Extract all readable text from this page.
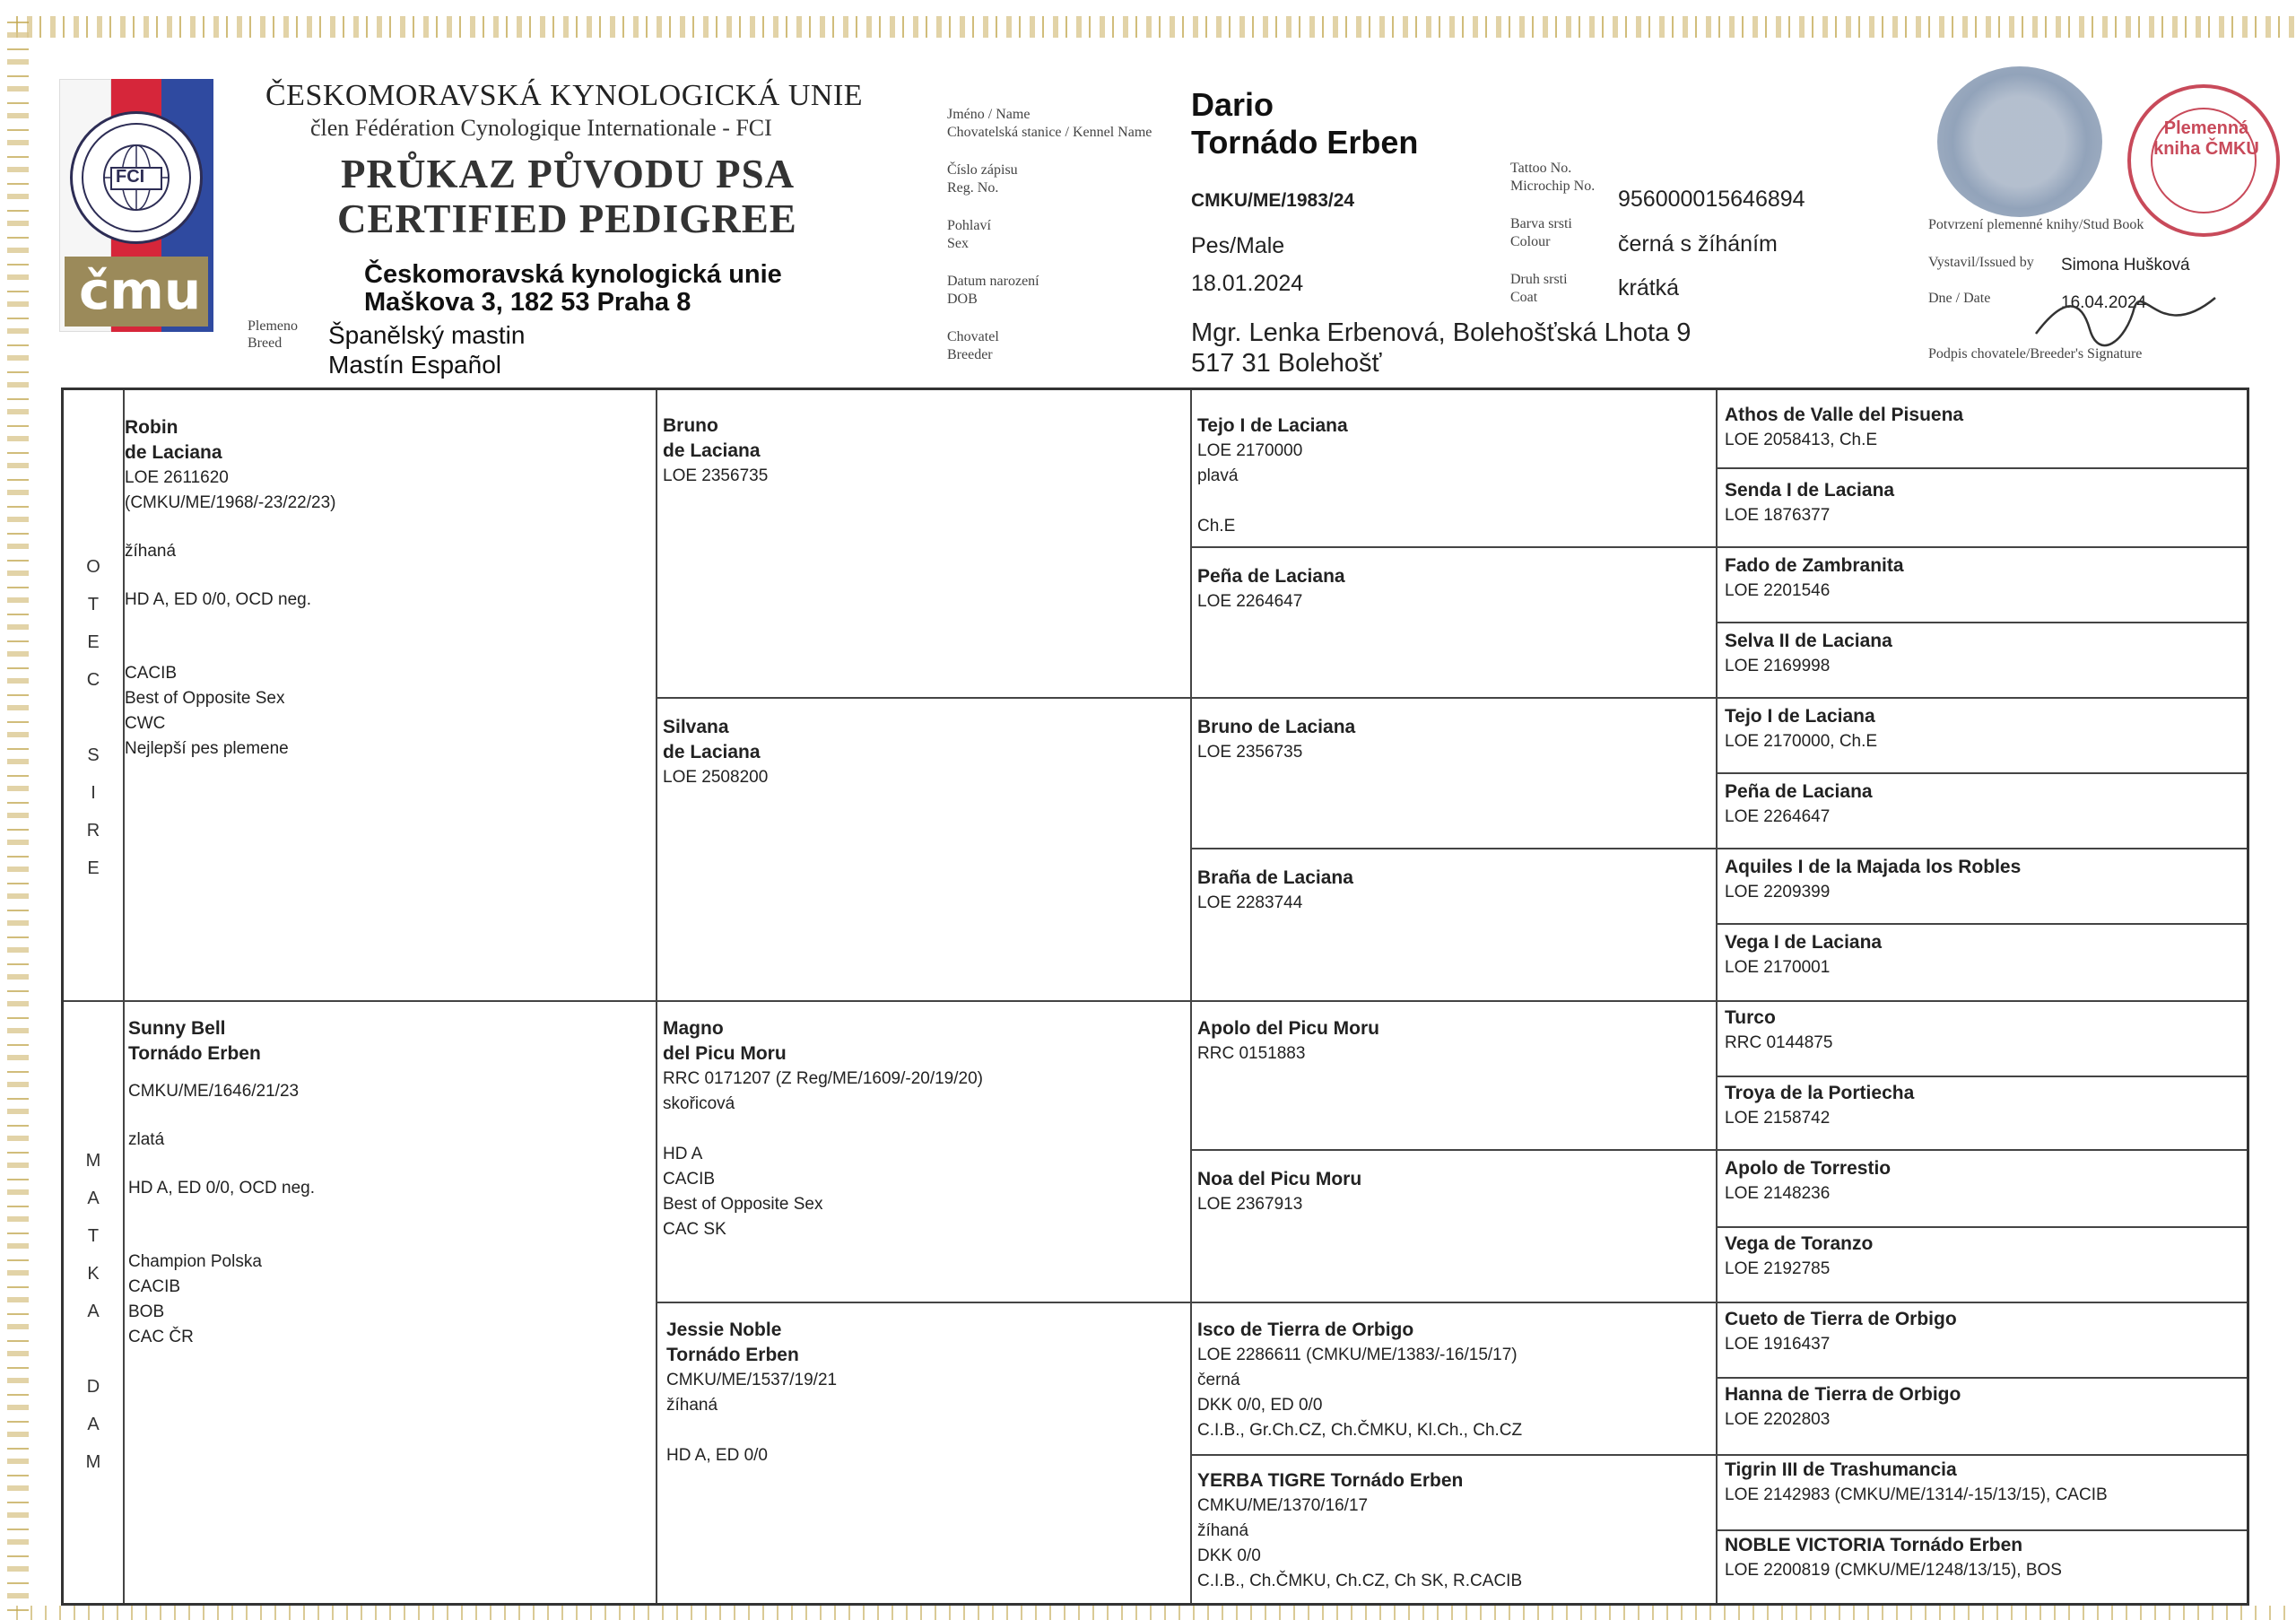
FCI
čmu
ČESKOMORAVSKÁ KYNOLOGICKÁ UNIE
člen Fédération Cynologique Internationale - FCI
PRŮKAZ PŮVODU PSA
CERTIFIED PEDIGREE
Českomoravská kynologická unie
Maškova 3, 182 53 Praha 8
Plemeno
Breed	Španělský mastin
Mastín Español
Jméno / Name
Chovatelská stanice / Kennel Name
Číslo zápisu
Reg. No.
Pohlaví
Sex
Datum narození
DOB
Chovatel
Breeder
Dario
Tornádo Erben
CMKU/ME/1983/24
Pes/Male
18.01.2024
Mgr. Lenka Erbenová, Bolehošťská Lhota 9
517 31 Bolehošť
Tattoo No.
Microchip No.
Barva srsti
Colour
Druh srsti
Coat
956000015646894
černá s žíháním
krátká
Plemenná kniha ČMKU
Potvrzení plemenné knihy/Stud Book
Vystavil/Issued by Simona Hušková
Dne / Date	16.04.2024
Podpis chovatele/Breeder's Signature
O
T
E
C
S
I
R
E
M
A
T
K
A
D
A
M
Robin
de Laciana
LOE 2611620
(CMKU/ME/1968/-23/22/23)
žíhaná
HD A, ED 0/0, OCD neg.
CACIB
Best of Opposite Sex
CWC
Nejlepší pes plemene
Sunny Bell
Tornádo Erben
CMKU/ME/1646/21/23
zlatá
HD A, ED 0/0, OCD neg.
Champion Polska
CACIB
BOB
CAC ČR
Bruno
de Laciana
LOE 2356735
Silvana
de Laciana
LOE 2508200
Magno
del Picu Moru
RRC 0171207 (Z Reg/ME/1609/-20/19/20)
skořicová
HD A
CACIB
Best of Opposite Sex
CAC SK
Jessie Noble
Tornádo Erben
CMKU/ME/1537/19/21
žíhaná
HD A, ED 0/0
Tejo I de Laciana
LOE 2170000
plavá
Ch.E
Peña de Laciana
LOE 2264647
Bruno de Laciana
LOE 2356735
Braña de Laciana
LOE 2283744
Apolo del Picu Moru
RRC 0151883
Noa del Picu Moru
LOE 2367913
Isco de Tierra de Orbigo
LOE 2286611 (CMKU/ME/1383/-16/15/17)
černá
DKK 0/0, ED 0/0
C.I.B., Gr.Ch.CZ, Ch.ČMKU, Kl.Ch., Ch.CZ
YERBA TIGRE Tornádo Erben
CMKU/ME/1370/16/17
žíhaná
DKK 0/0
C.I.B., Ch.ČMKU, Ch.CZ, Ch SK, R.CACIB
Athos de Valle del Pisuena
LOE 2058413, Ch.E
Senda I de Laciana
LOE 1876377
Fado de Zambranita
LOE 2201546
Selva II de Laciana
LOE 2169998
Tejo I de Laciana
LOE 2170000, Ch.E
Peña de Laciana
LOE 2264647
Aquiles I de la Majada los Robles
LOE 2209399
Vega I de Laciana
LOE 2170001
Turco
RRC 0144875
Troya de la Portiecha
LOE 2158742
Apolo de Torrestio
LOE 2148236
Vega de Toranzo
LOE 2192785
Cueto de Tierra de Orbigo
LOE 1916437
Hanna de Tierra de Orbigo
LOE 2202803
Tigrin III de Trashumancia
LOE 2142983 (CMKU/ME/1314/-15/13/15), CACIB
NOBLE VICTORIA Tornádo Erben
LOE 2200819 (CMKU/ME/1248/13/15), BOS
